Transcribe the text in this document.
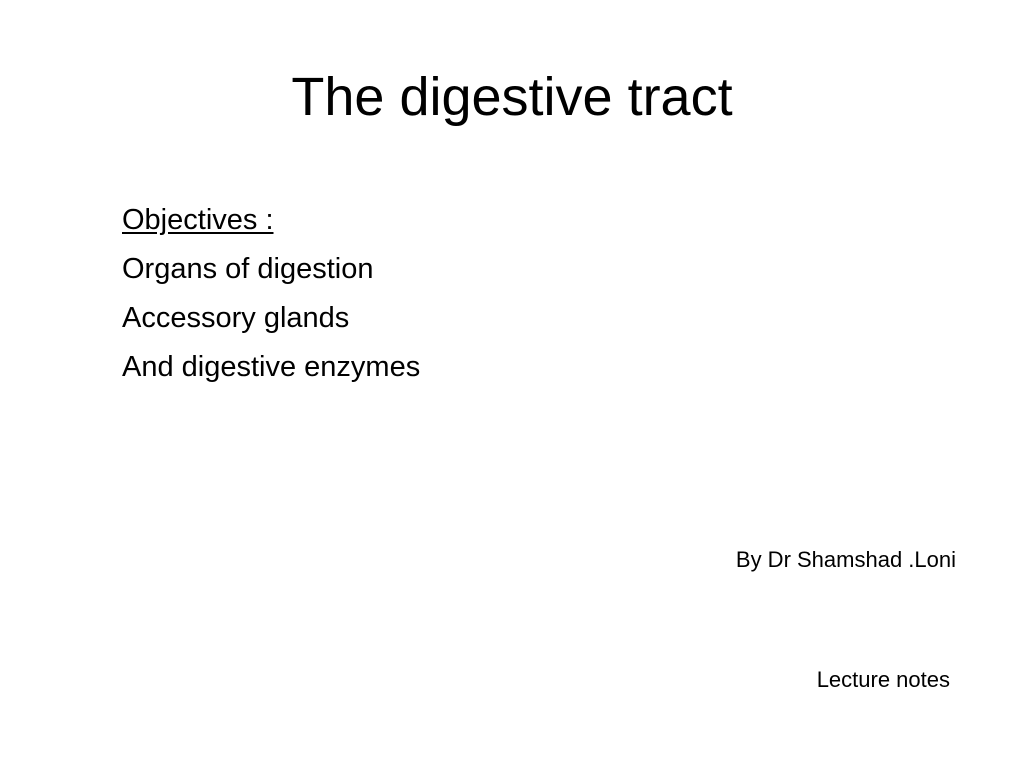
The digestive tract
Objectives :
Organs of digestion
Accessory glands
And digestive enzymes
By Dr Shamshad .Loni
Lecture notes
